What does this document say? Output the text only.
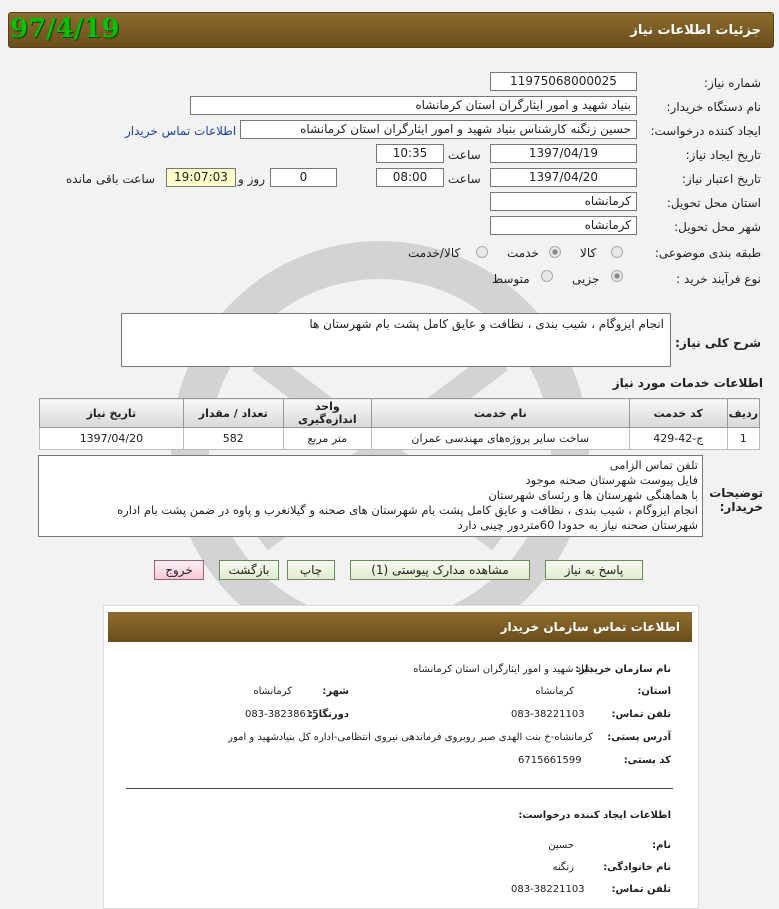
جزئیات اطلاعات نیاز
97/4/19
شماره نیاز:
11975068000025
نام دستگاه خریدار:
بنیاد شهید و امور ایثارگران استان کرمانشاه
ایجاد کننده درخواست:
حسین زنگنه کارشناس بنیاد شهید و امور ایثارگران استان کرمانشاه
اطلاعات تماس خریدار
تاریخ ایجاد نیاز:
1397/04/19
ساعت
10:35
تاریخ اعتبار نیاز:
1397/04/20
ساعت
08:00
0
روز و
19:07:03
ساعت باقی مانده
استان محل تحویل:
کرمانشاه
شهر محل تحویل:
کرمانشاه
طبقه بندی موضوعی:
کالا
خدمت
کالا/خدمت
نوع فرآیند خرید :
جزیی
متوسط
شرح کلی نیاز:
انجام ایزوگام ، شیب بندی ، نظافت و عایق کامل پشت بام شهرستان ها
اطلاعات خدمات مورد نیاز
ردیف	کد خدمت	نام خدمت	واحد اندازه‌گیری	تعداد / مقدار	تاریخ نیاز
1	ج-42-429	ساخت سایر پروژه‌های مهندسی عمران	متر مربع	582	1397/04/20
توضیحات خریدار:
تلفن تماس الزامی
فایل پیوست شهرستان صحنه موجود
با هماهنگی شهرستان ها و رئسای شهرستان
انجام ایزوگام ، شیب بندی ، نظافت و عایق کامل پشت بام شهرستان های صحنه و گیلانغرب و پاوه در ضمن پشت بام اداره
شهرستان صحنه نیاز به حدودا 60متردور چینی دارد
پاسخ به نیاز
مشاهده مدارک پیوستی (1)
چاپ
بازگشت
خروج
اطلاعات تماس سازمان خریدار
نام سازمان خریدار:
بنیاد شهید و امور ایثارگران استان کرمانشاه
استان:
کرمانشاه
شهر:
کرمانشاه
تلفن تماس:
083-38221103
دورنگار:
083-38238615
آدرس پستی:
کرمانشاه-خ بنت الهدی صبر روبروی فرماندهی نیروی انتظامی-اداره کل بنیادشهید و امور
کد پستی:
6715661599
اطلاعات ایجاد کننده درخواست:
نام:
حسین
نام خانوادگی:
زنگنه
تلفن تماس:
083-38221103
